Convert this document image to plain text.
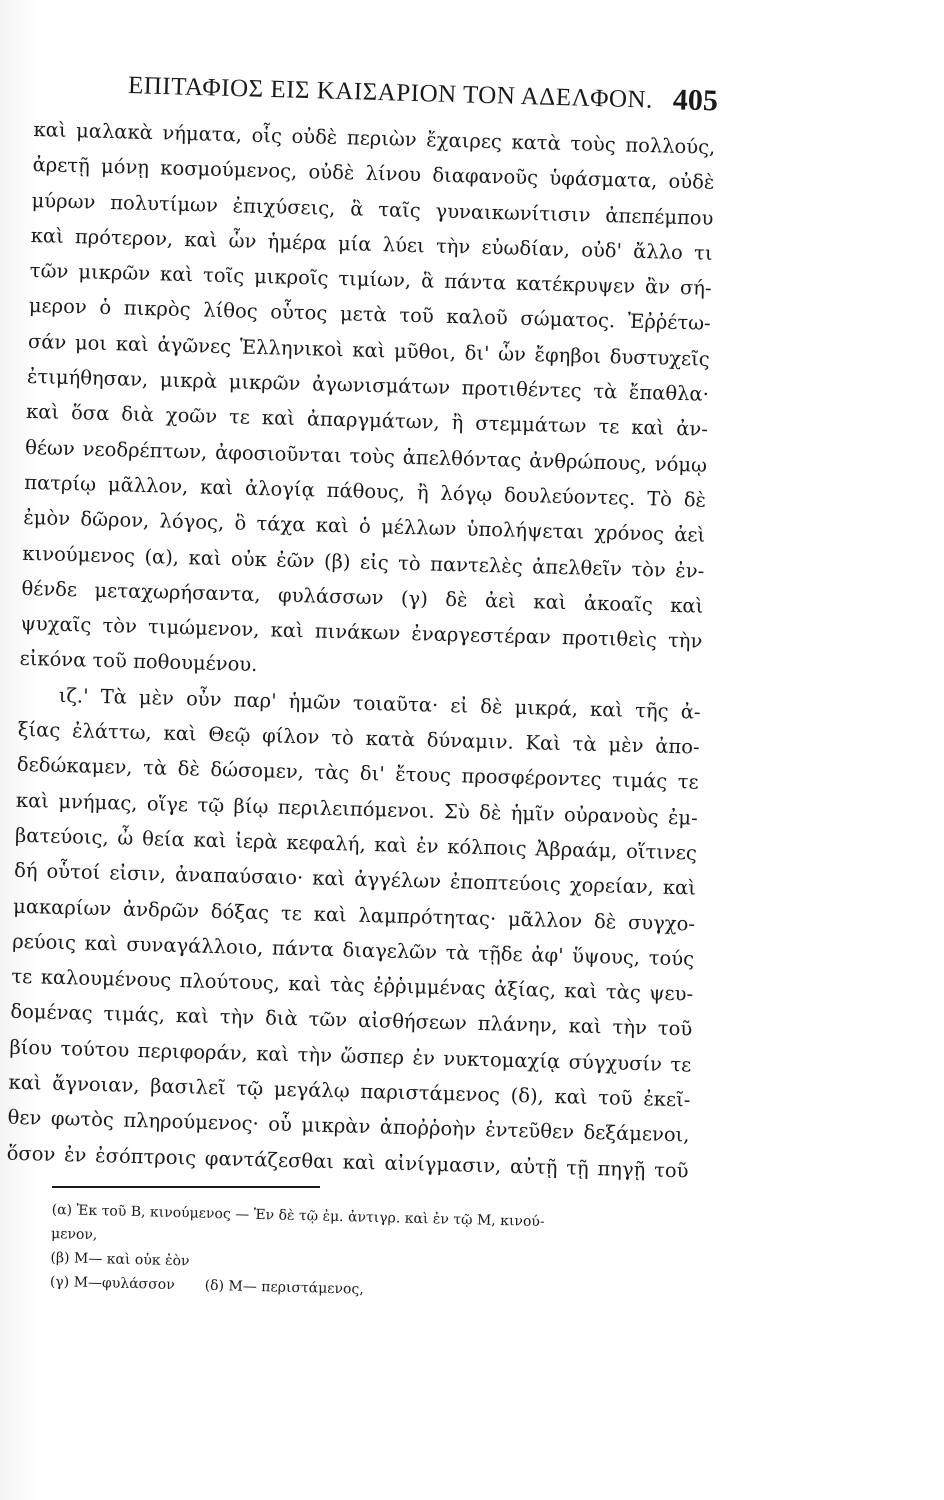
ΕΠΙΤΑΦΙΟΣ ΕΙΣ ΚΑΙΣΑΡΙΟΝ ΤΟΝ ΑΔΕΛΦΟΝ. 405
καὶ μαλακὰ νήματα, οἷς οὐδὲ περιὼν ἔχαιρες κατὰ τοὺς πολλούς,
ἀρετῇ μόνῃ κοσμούμενος, οὐδὲ λίνου διαφανοῦς ὑφάσματα, οὐδὲ
μύρων πολυτίμων ἐπιχύσεις, ἃ ταῖς γυναικωνίτισιν ἀπεπέμπου
καὶ πρότερον, καὶ ὧν ἡμέρα μία λύει τὴν εὐωδίαν, οὐδ' ἄλλο τι
τῶν μικρῶν καὶ τοῖς μικροῖς τιμίων, ἃ πάντα κατέκρυψεν ἂν σή-
μερον ὁ πικρὸς λίθος οὗτος μετὰ τοῦ καλοῦ σώματος. Ἐῤῥέτω-
σάν μοι καὶ ἀγῶνες Ἑλληνικοὶ καὶ μῦθοι, δι' ὧν ἔφηβοι δυστυχεῖς
ἐτιμήθησαν, μικρὰ μικρῶν ἀγωνισμάτων προτιθέντες τὰ ἔπαθλα·
καὶ ὅσα διὰ χοῶν τε καὶ ἀπαργμάτων, ἢ στεμμάτων τε καὶ ἀν-
θέων νεοδρέπτων, ἀφοσιοῦνται τοὺς ἀπελθόντας ἀνθρώπους, νόμῳ
πατρίῳ μᾶλλον, καὶ ἀλογίᾳ πάθους, ἢ λόγῳ δουλεύοντες. Τὸ δὲ
ἐμὸν δῶρον, λόγος, ὃ τάχα καὶ ὁ μέλλων ὑπολήψεται χρόνος ἀεὶ
κινούμενος (α), καὶ οὐκ ἐῶν (β) εἰς τὸ παντελὲς ἀπελθεῖν τὸν ἐν-
θένδε μεταχωρήσαντα, φυλάσσων (γ) δὲ ἀεὶ καὶ ἀκοαῖς καὶ
ψυχαῖς τὸν τιμώμενον, καὶ πινάκων ἐναργεστέραν προτιθεὶς τὴν
εἰκόνα τοῦ ποθουμένου.
ιζ.' Τὰ μὲν οὖν παρ' ἡμῶν τοιαῦτα· εἰ δὲ μικρά, καὶ τῆς ἀ-
ξίας ἐλάττω, καὶ Θεῷ φίλον τὸ κατὰ δύναμιν. Καὶ τὰ μὲν ἀπο-
δεδώκαμεν, τὰ δὲ δώσομεν, τὰς δι' ἔτους προσφέροντες τιμάς τε
καὶ μνήμας, οἵγε τῷ βίῳ περιλειπόμενοι. Σὺ δὲ ἡμῖν οὐρανοὺς ἐμ-
βατεύοις, ὦ θεία καὶ ἱερὰ κεφαλή, καὶ ἐν κόλποις Ἀβραάμ, οἵτινες
δή οὗτοί εἰσιν, ἀναπαύσαιο· καὶ ἀγγέλων ἐποπτεύοις χορείαν, καὶ
μακαρίων ἀνδρῶν δόξας τε καὶ λαμπρότητας· μᾶλλον δὲ συγχο-
ρεύοις καὶ συναγάλλοιο, πάντα διαγελῶν τὰ τῇδε ἀφ' ὕψους, τούς
τε καλουμένους πλούτους, καὶ τὰς ἐῤῥιμμένας ἀξίας, καὶ τὰς ψευ-
δομένας τιμάς, καὶ τὴν διὰ τῶν αἰσθήσεων πλάνην, καὶ τὴν τοῦ
βίου τούτου περιφοράν, καὶ τὴν ὥσπερ ἐν νυκτομαχίᾳ σύγχυσίν τε
καὶ ἄγνοιαν, βασιλεῖ τῷ μεγάλῳ παριστάμενος (δ), καὶ τοῦ ἐκεῖ-
θεν φωτὸς πληρούμενος· οὗ μικρὰν ἀποῤῥοὴν ἐντεῦθεν δεξάμενοι,
ὅσον ἐν ἐσόπτροις φαντάζεσθαι καὶ αἰνίγμασιν, αὐτῇ τῇ πηγῇ τοῦ
(α) Ἐκ τοῦ Β, κινούμενος — Ἐν δὲ τῷ ἐμ. ἀντιγρ. καὶ ἐν τῷ Μ, κινού-
μενον,
(β) Μ— καὶ οὐκ ἐὸν
(γ) Μ—φυλάσσον (δ) Μ— περιστάμενος,
